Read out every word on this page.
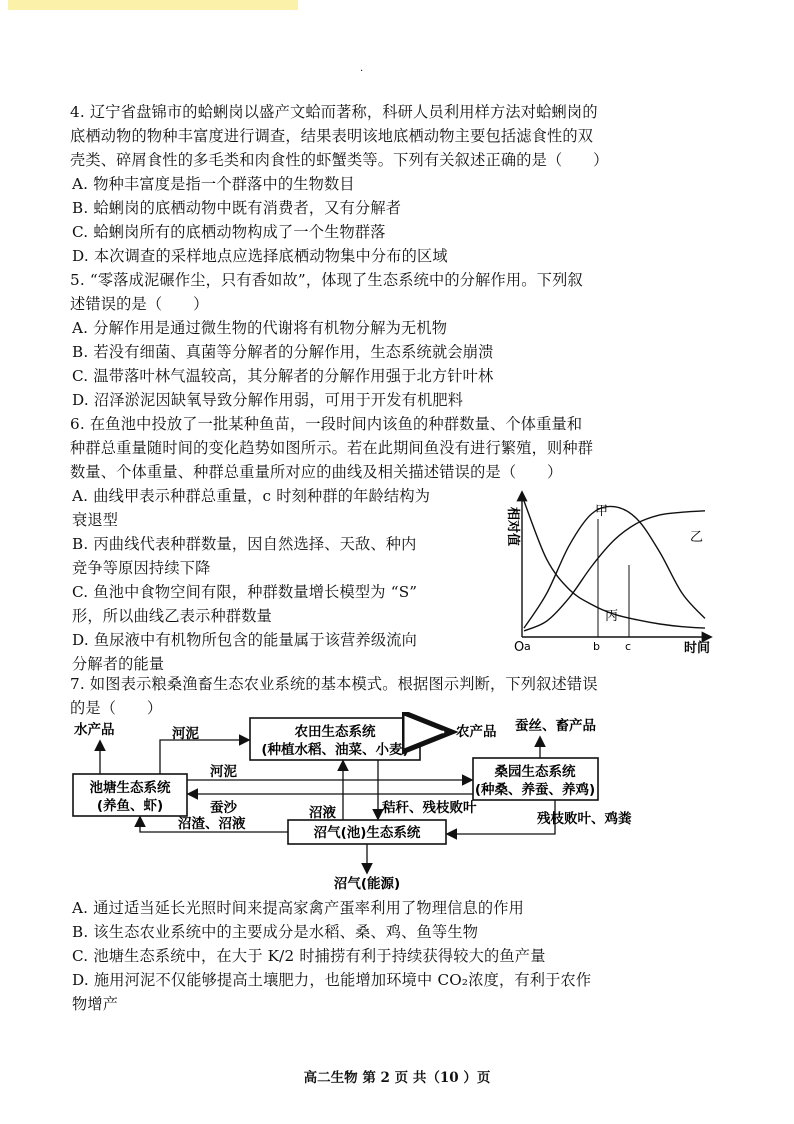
·
4. 辽宁省盘锦市的蛤蜊岗以盛产文蛤而著称，科研人员利用样方法对蛤蜊岗的
底栖动物的物种丰富度进行调查，结果表明该地底栖动物主要包括滤食性的双
壳类、碎屑食性的多毛类和肉食性的虾蟹类等。下列有关叙述正确的是（　　）
A. 物种丰富度是指一个群落中的生物数目
B. 蛤蜊岗的底栖动物中既有消费者，又有分解者
C. 蛤蜊岗所有的底栖动物构成了一个生物群落
D. 本次调查的采样地点应选择底栖动物集中分布的区域
5. “零落成泥碾作尘，只有香如故”，体现了生态系统中的分解作用。下列叙
述错误的是（　　）
A. 分解作用是通过微生物的代谢将有机物分解为无机物
B. 若没有细菌、真菌等分解者的分解作用，生态系统就会崩溃
C. 温带落叶林气温较高，其分解者的分解作用强于北方针叶林
D. 沼泽淤泥因缺氧导致分解作用弱，可用于开发有机肥料
6. 在鱼池中投放了一批某种鱼苗，一段时间内该鱼的种群数量、个体重量和
种群总重量随时间的变化趋势如图所示。若在此期间鱼没有进行繁殖，则种群
数量、个体重量、种群总重量所对应的曲线及相关描述错误的是（　　）
A. 曲线甲表示种群总重量，c 时刻种群的年龄结构为
衰退型
B. 丙曲线代表种群数量，因自然选择、天敌、种内
竞争等原因持续下降
C. 鱼池中食物空间有限，种群数量增长模型为 “S”
形，所以曲线乙表示种群数量
D. 鱼尿液中有机物所包含的能量属于该营养级流向
分解者的能量
相对值
时间
O a	b c
甲
乙
丙
7. 如图表示粮桑渔畜生态农业系统的基本模式。根据图示判断，下列叙述错误
的是（　　）
农田生态系统
(种植水稻、油菜、小麦)
池塘生态系统
(养鱼、虾)
桑园生态系统
(种桑、养蚕、养鸡)
沼气(池)生态系统
水产品	农产品 蚕丝、畜产品
沼气(能源)
河泥
河泥
蚕沙	沼液	秸秆、残枝败叶
沼渣、沼液	残枝败叶、鸡粪
A. 通过适当延长光照时间来提高家禽产蛋率利用了物理信息的作用
B. 该生态农业系统中的主要成分是水稻、桑、鸡、鱼等生物
C. 池塘生态系统中，在大于 K/2 时捕捞有利于持续获得较大的鱼产量
D. 施用河泥不仅能够提高土壤肥力，也能增加环境中 CO₂浓度，有利于农作
物增产
高二生物 第 2 页 共（10 ）页
